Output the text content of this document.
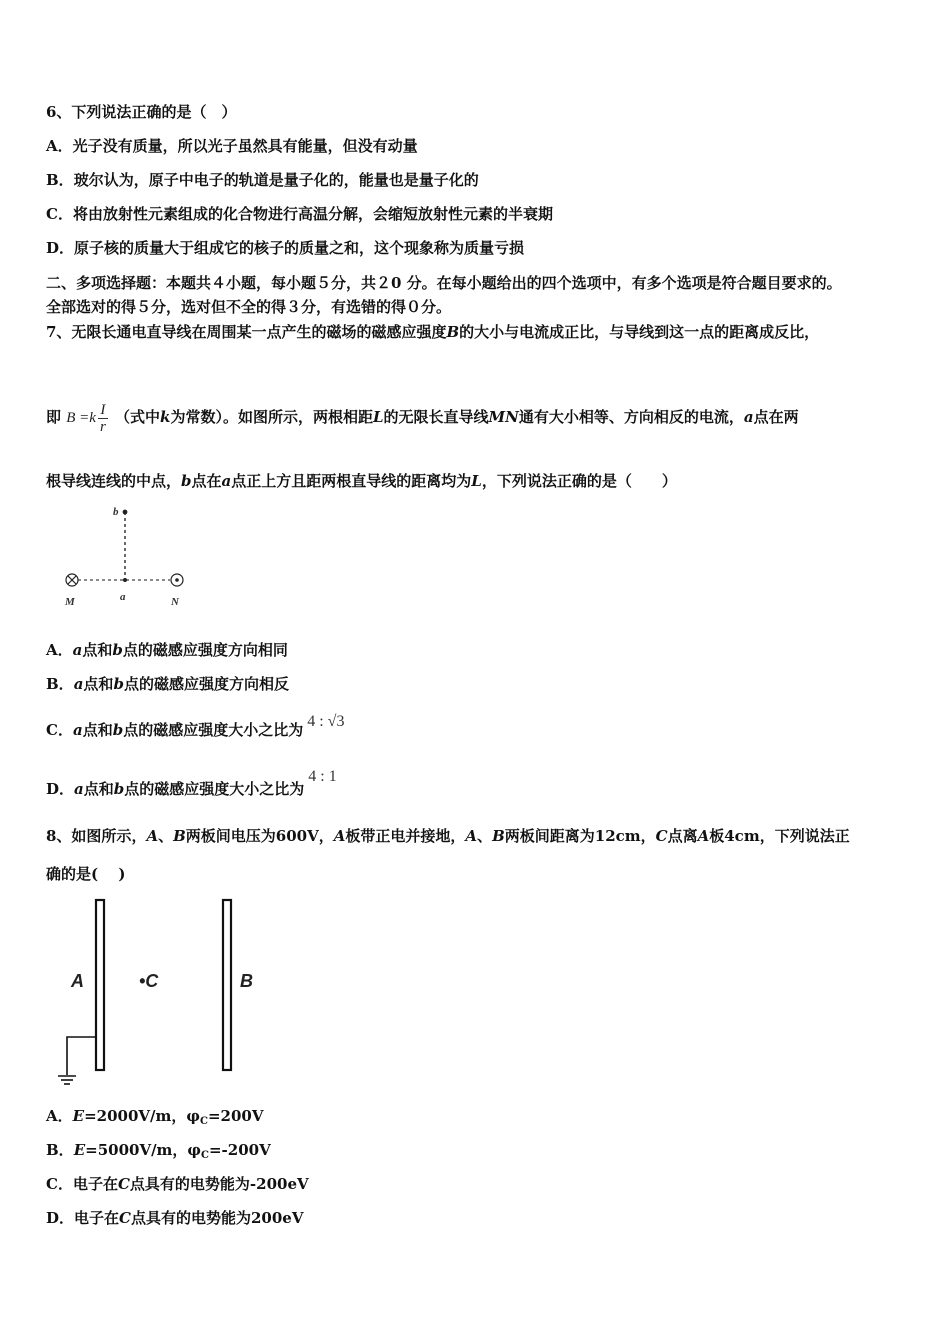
6、下列说法正确的是（　）
A．光子没有质量，所以光子虽然具有能量，但没有动量
B．玻尔认为，原子中电子的轨道是量子化的，能量也是量子化的
C．将由放射性元素组成的化合物进行高温分解，会缩短放射性元素的半衰期
D．原子核的质量大于组成它的核子的质量之和，这个现象称为质量亏损
二、多项选择题：本题共４小题，每小题５分，共２0 分。在每小题给出的四个选项中，有多个选项是符合题目要求的。
全部选对的得５分，选对但不全的得３分，有选错的得０分。
7、无限长通电直导线在周围某一点产生的磁场的磁感应强度B的大小与电流成正比，与导线到这一点的距离成反比，
即 $B =k \frac{I}{r}$ （式中k为常数）。如图所示，两根相距L的无限长直导线MN通有大小相等、方向相反的电流，a点在两
根导线连线的中点，b点在a点正上方且距两根直导线的距离均为L，下列说法正确的是（　　）
b
a
M	N
A．a点和b点的磁感应强度方向相同
B．a点和b点的磁感应强度方向相反
C．a点和b点的磁感应强度大小之比为 4 : √3
D．a点和b点的磁感应强度大小之比为4 : 1
8、如图所示，A、B两板间电压为600V，A板带正电并接地，A、B两板间距离为12cm，C点离A板4cm，下列说法正
确的是(　 )
A	•C	B
A．E=2000V/m，$\varphi_C=200V$
B．E=5000V/m，$\varphi_C=-200V$
C．电子在C点具有的电势能为-200eV
D．电子在C点具有的电势能为200eV
